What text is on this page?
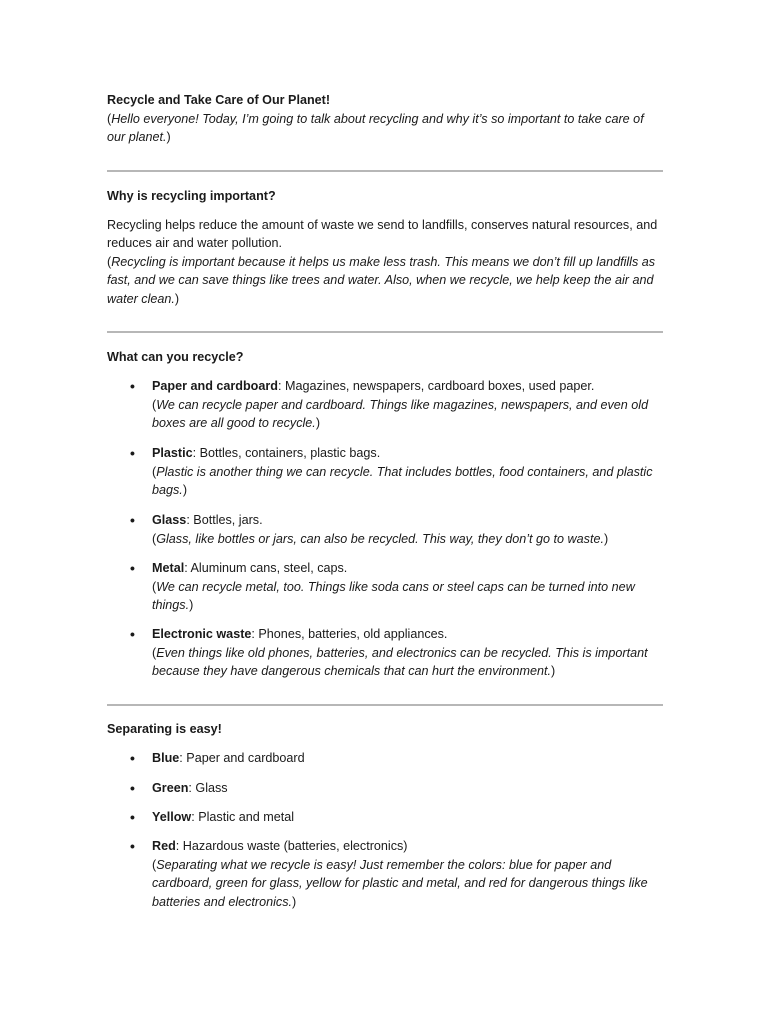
Recycle and Take Care of Our Planet!

(Hello everyone! Today, I’m going to talk about recycling and why it’s so important to take care of our planet.)

Why is recycling important?

Recycling helps reduce the amount of waste we send to landfills, conserves natural resources, and reduces air and water pollution.

(Recycling is important because it helps us make less trash. This means we don’t fill up landfills as fast, and we can save things like trees and water. Also, when we recycle, we help keep the air and water clean.)

What can you recycle?

• Paper and cardboard: Magazines, newspapers, cardboard boxes, used paper.

(We can recycle paper and cardboard. Things like magazines, newspapers, and even old boxes are all good to recycle.)

• Plastic: Bottles, containers, plastic bags.

(Plastic is another thing we can recycle. That includes bottles, food containers, and plastic bags.)

• Glass: Bottles, jars.

(Glass, like bottles or jars, can also be recycled. This way, they don’t go to waste.)

• Metal: Aluminum cans, steel, caps.

(We can recycle metal, too. Things like soda cans or steel caps can be turned into new things.)

• Electronic waste: Phones, batteries, old appliances.

(Even things like old phones, batteries, and electronics can be recycled. This is important because they have dangerous chemicals that can hurt the environment.)

Separating is easy!

• Blue: Paper and cardboard

• Green: Glass

• Yellow: Plastic and metal

• Red: Hazardous waste (batteries, electronics)

(Separating what we recycle is easy! Just remember the colors: blue for paper and cardboard, green for glass, yellow for plastic and metal, and red for dangerous things like batteries and electronics.)
